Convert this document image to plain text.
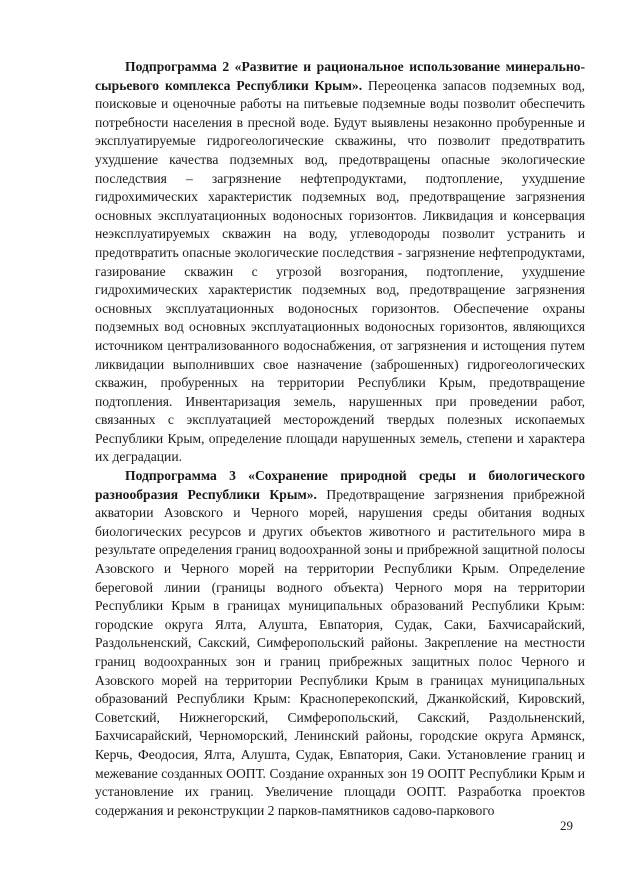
Подпрограмма 2 «Развитие и рациональное использование минерально-сырьевого комплекса Республики Крым». Переоценка запасов подземных вод, поисковые и оценочные работы на питьевые подземные воды позволит обеспечить потребности населения в пресной воде. Будут выявлены незаконно пробуренные и эксплуатируемые гидрогеологические скважины, что позволит предотвратить ухудшение качества подземных вод, предотвращены опасные экологические последствия – загрязнение нефтепродуктами, подтопление, ухудшение гидрохимических характеристик подземных вод, предотвращение загрязнения основных эксплуатационных водоносных горизонтов. Ликвидация и консервация неэксплуатируемых скважин на воду, углеводороды позволит устранить и предотвратить опасные экологические последствия - загрязнение нефтепродуктами, газирование скважин с угрозой возгорания, подтопление, ухудшение гидрохимических характеристик подземных вод, предотвращение загрязнения основных эксплуатационных водоносных горизонтов. Обеспечение охраны подземных вод основных эксплуатационных водоносных горизонтов, являющихся источником централизованного водоснабжения, от загрязнения и истощения путем ликвидации выполнивших свое назначение (заброшенных) гидрогеологических скважин, пробуренных на территории Республики Крым, предотвращение подтопления. Инвентаризация земель, нарушенных при проведении работ, связанных с эксплуатацией месторождений твердых полезных ископаемых Республики Крым, определение площади нарушенных земель, степени и характера их деградации.

Подпрограмма 3 «Сохранение природной среды и биологического разнообразия Республики Крым». Предотвращение загрязнения прибрежной акватории Азовского и Черного морей, нарушения среды обитания водных биологических ресурсов и других объектов животного и растительного мира в результате определения границ водоохранной зоны и прибрежной защитной полосы Азовского и Черного морей на территории Республики Крым. Определение береговой линии (границы водного объекта) Черного моря на территории Республики Крым в границах муниципальных образований Республики Крым: городские округа Ялта, Алушта, Евпатория, Судак, Саки, Бахчисарайский, Раздольненский, Сакский, Симферопольский районы. Закрепление на местности границ водоохранных зон и границ прибрежных защитных полос Черного и Азовского морей на территории Республики Крым в границах муниципальных образований Республики Крым: Красноперекопский, Джанкойский, Кировский, Советский, Нижнегорский, Симферопольский, Сакский, Раздольненский, Бахчисарайский, Черноморский, Ленинский районы, городские округа Армянск, Керчь, Феодосия, Ялта, Алушта, Судак, Евпатория, Саки. Установление границ и межевание созданных ООПТ. Создание охранных зон 19 ООПТ Республики Крым и установление их границ. Увеличение площади ООПТ. Разработка проектов содержания и реконструкции 2 парков-памятников садово-паркового

29
